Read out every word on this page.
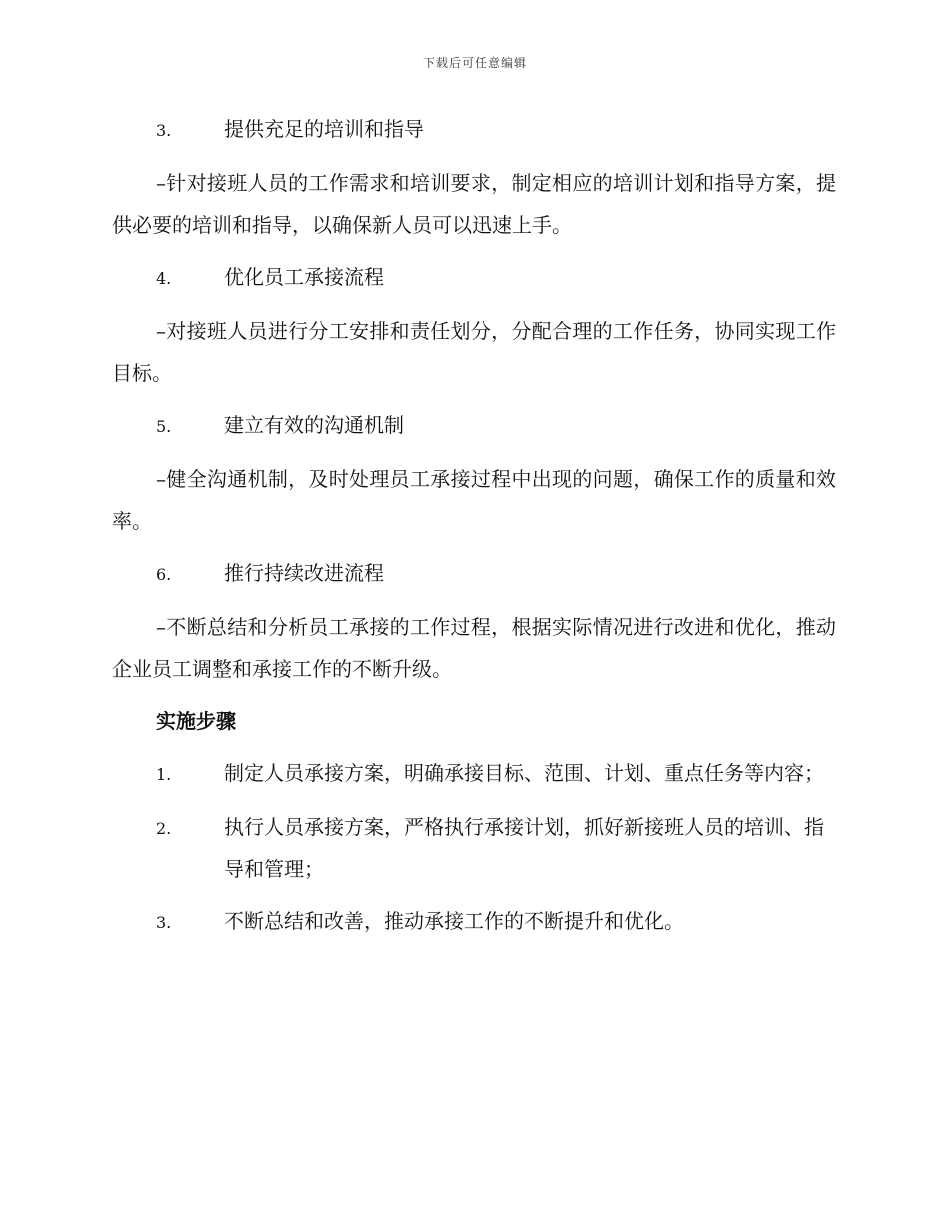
下载后可任意编辑
3.	提供充足的培训和指导

–针对接班人员的工作需求和培训要求，制定相应的培训计划和指导方案，提供必要的培训和指导，以确保新人员可以迅速上手。

4.	优化员工承接流程

–对接班人员进行分工安排和责任划分，分配合理的工作任务，协同实现工作目标。

5.	建立有效的沟通机制

–健全沟通机制，及时处理员工承接过程中出现的问题，确保工作的质量和效率。

6.	推行持续改进流程

–不断总结和分析员工承接的工作过程，根据实际情况进行改进和优化，推动企业员工调整和承接工作的不断升级。

实施步骤
1.	制定人员承接方案，明确承接目标、范围、计划、重点任务等内容；
2.	执行人员承接方案，严格执行承接计划，抓好新接班人员的培训、指导和管理；
3.	不断总结和改善，推动承接工作的不断提升和优化。
